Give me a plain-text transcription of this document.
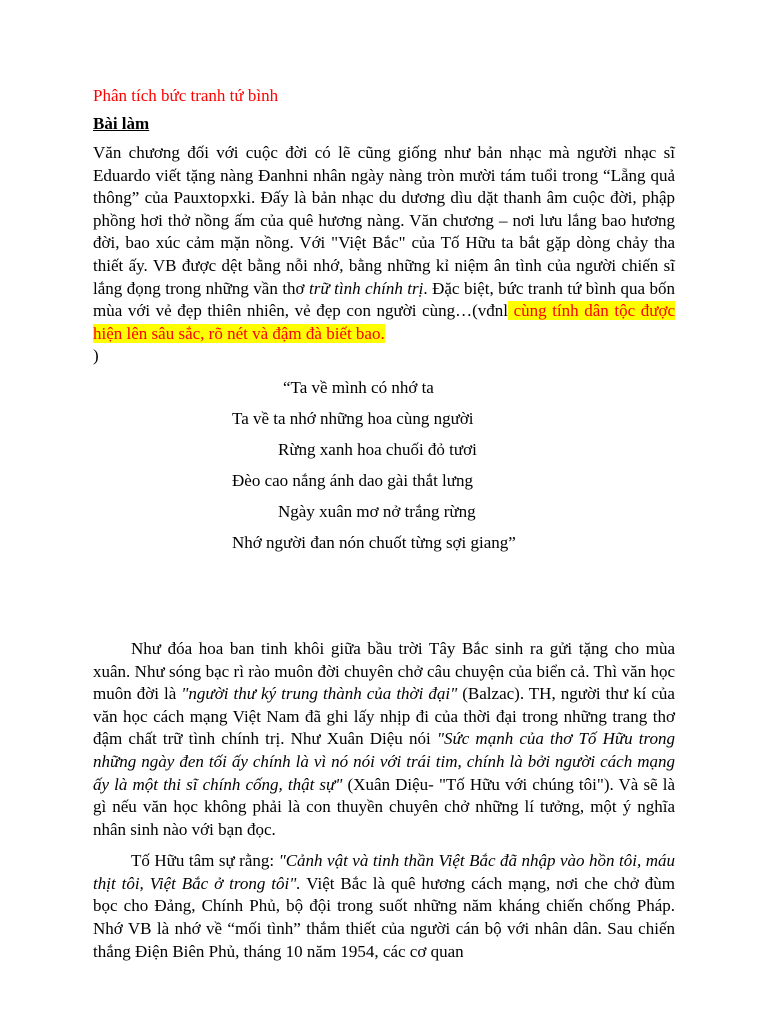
Phân tích bức tranh tứ bình
Bài làm

Văn chương đối với cuộc đời có lẽ cũng giống như bản nhạc mà người nhạc sĩ Eduardo viết tặng nàng Đanhni nhân ngày nàng tròn mười tám tuổi trong “Lẵng quả thông” của Pauxtopxki. Đấy là bản nhạc du dương dìu dặt thanh âm cuộc đời, phập phồng hơi thở nồng ấm của quê hương nàng. Văn chương – nơi lưu lắng bao hương đời, bao xúc cảm mặn nồng. Với "Việt Bắc" của Tố Hữu ta bắt gặp dòng chảy tha thiết ấy. VB được dệt bằng nỗi nhớ, bằng những kỉ niệm ân tình của người chiến sĩ lắng đọng trong những vần thơ trữ tình chính trị. Đặc biệt, bức tranh tứ bình qua bốn mùa với vẻ đẹp thiên nhiên, vẻ đẹp con người cùng…(vđnl cùng tính dân tộc được hiện lên sâu sắc, rõ nét và đậm đà biết bao.
)

“Ta về mình có nhớ ta
Ta về ta nhớ những hoa cùng người
Rừng xanh hoa chuối đỏ tươi
Đèo cao nắng ánh dao gài thắt lưng
Ngày xuân mơ nở trắng rừng
Nhớ người đan nón chuốt từng sợi giang”

Như đóa hoa ban tinh khôi giữa bầu trời Tây Bắc sinh ra gửi tặng cho mùa xuân. Như sóng bạc rì rào muôn đời chuyên chở câu chuyện của biển cả. Thì văn học muôn đời là "người thư ký trung thành của thời đại" (Balzac). TH, người thư kí của văn học cách mạng Việt Nam đã ghi lấy nhịp đi của thời đại trong những trang thơ đậm chất trữ tình chính trị. Như Xuân Diệu nói "Sức mạnh của thơ Tố Hữu trong những ngày đen tối ấy chính là vì nó nói với trái tim, chính là bởi người cách mạng ấy là một thi sĩ chính cống, thật sự" (Xuân Diệu- "Tố Hữu với chúng tôi"). Và sẽ là gì nếu văn học không phải là con thuyền chuyên chở những lí tưởng, một ý nghĩa nhân sinh nào với bạn đọc.

Tố Hữu tâm sự rằng: "Cảnh vật và tinh thần Việt Bắc đã nhập vào hồn tôi, máu thịt tôi, Việt Bắc ở trong tôi". Việt Bắc là quê hương cách mạng, nơi che chở đùm bọc cho Đảng, Chính Phủ, bộ đội trong suốt những năm kháng chiến chống Pháp. Nhớ VB là nhớ về “mối tình” thắm thiết của người cán bộ với nhân dân. Sau chiến thắng Điện Biên Phủ, tháng 10 năm 1954, các cơ quan
